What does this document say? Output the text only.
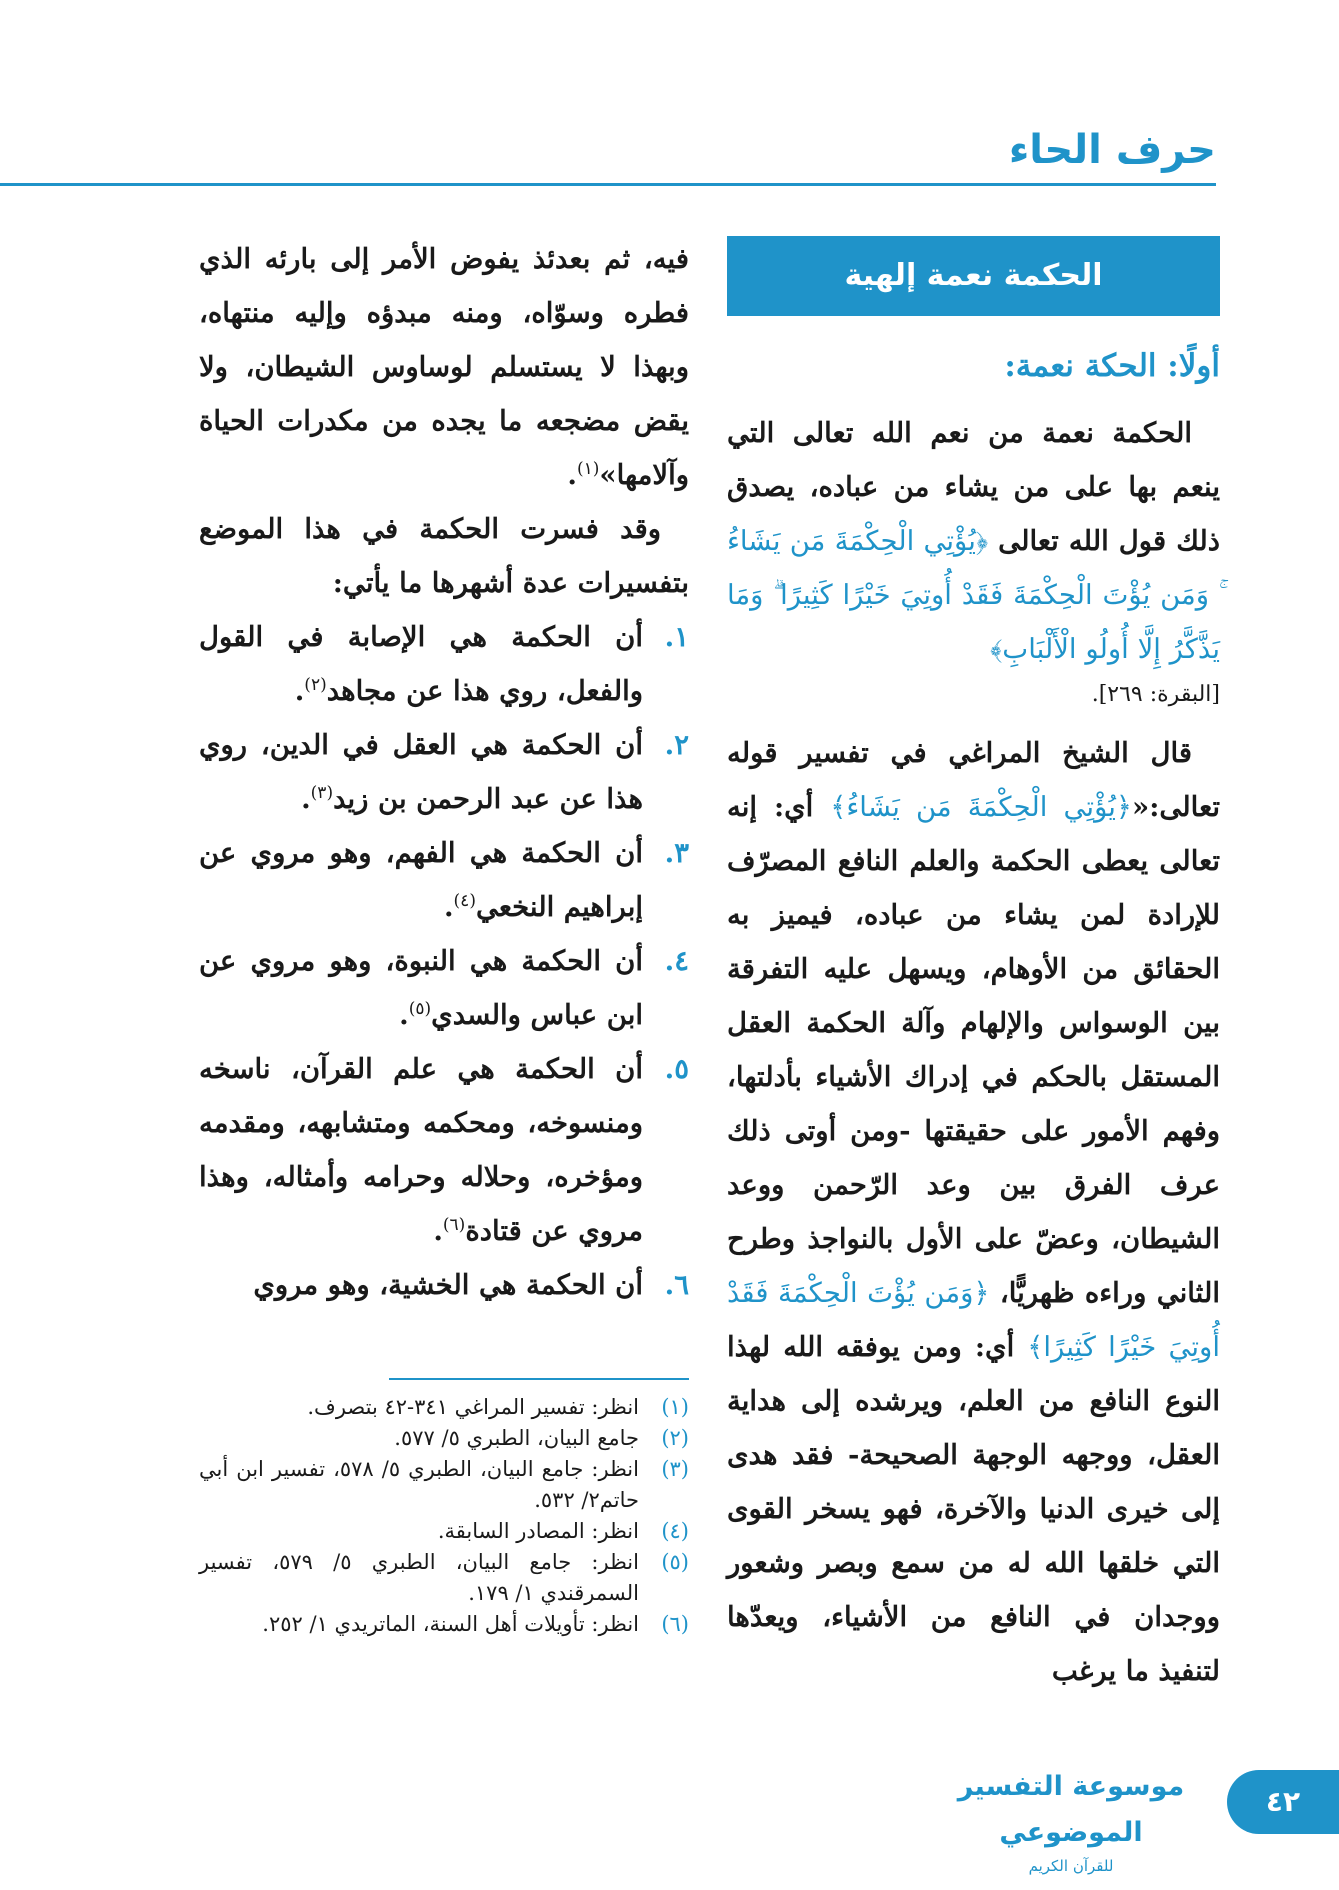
حرف الحاء
الحكمة نعمة إلهية
أولًا: الحكة نعمة:

الحكمة نعمة من نعم الله تعالى التي ينعم بها على من يشاء من عباده، يصدق ذلك قول الله تعالى ﴿يُؤْتِي الْحِكْمَةَ مَن يَشَاءُ ۚ وَمَن يُؤْتَ الْحِكْمَةَ فَقَدْ أُوتِيَ خَيْرًا كَثِيرًا ۗ وَمَا يَذَّكَّرُ إِلَّا أُولُو الْأَلْبَابِ﴾

[البقرة: ٢٦٩].

قال الشيخ المراغي في تفسير قوله تعالى:«﴿يُؤْتِي الْحِكْمَةَ مَن يَشَاءُ﴾ أي: إنه تعالى يعطى الحكمة والعلم النافع المصرّف للإرادة لمن يشاء من عباده، فيميز به الحقائق من الأوهام، ويسهل عليه التفرقة بين الوسواس والإلهام وآلة الحكمة العقل المستقل بالحكم في إدراك الأشياء بأدلتها، وفهم الأمور على حقيقتها -ومن أوتى ذلك عرف الفرق بين وعد الرّحمن ووعد الشيطان، وعضّ على الأول بالنواجذ وطرح الثاني وراءه ظهريًّا، ﴿وَمَن يُؤْتَ الْحِكْمَةَ فَقَدْ أُوتِيَ خَيْرًا كَثِيرًا﴾ أي: ومن يوفقه الله لهذا النوع النافع من العلم، ويرشده إلى هداية العقل، ووجهه الوجهة الصحيحة- فقد هدى إلى خيرى الدنيا والآخرة، فهو يسخر القوى التي خلقها الله له من سمع وبصر وشعور ووجدان في النافع من الأشياء، ويعدّها لتنفيذ ما يرغب

فيه، ثم بعدئذ يفوض الأمر إلى بارئه الذي فطره وسوّاه، ومنه مبدؤه وإليه منتهاه، وبهذا لا يستسلم لوساوس الشيطان، ولا يقض مضجعه ما يجده من مكدرات الحياة وآلامها»$^{(١)}$.

وقد فسرت الحكمة في هذا الموضع بتفسيرات عدة أشهرها ما يأتي:

١.
أن الحكمة هي الإصابة في القول والفعل، روي هذا عن مجاهد$^{(٢)}$.
٢.
أن الحكمة هي العقل في الدين، روي هذا عن عبد الرحمن بن زيد$^{(٣)}$.
٣.
أن الحكمة هي الفهم، وهو مروي عن إبراهيم النخعي$^{(٤)}$.
٤.
أن الحكمة هي النبوة، وهو مروي عن ابن عباس والسدي$^{(٥)}$.
٥.
أن الحكمة هي علم القرآن، ناسخه ومنسوخه، ومحكمه ومتشابهه، ومقدمه ومؤخره، وحلاله وحرامه وأمثاله، وهذا مروي عن قتادة$^{(٦)}$.
٦.
أن الحكمة هي الخشية، وهو مروي
(١)
انظر: تفسير المراغي ٣٤١-٤٢ بتصرف.
(٢)
جامع البيان، الطبري ٥/ ٥٧٧.
(٣)
انظر: جامع البيان، الطبري ٥/ ٥٧٨، تفسير ابن أبي حاتم٢/ ٥٣٢.
(٤)
انظر: المصادر السابقة.
(٥)
انظر: جامع البيان، الطبري ٥/ ٥٧٩، تفسير السمرقندي ١/ ١٧٩.
(٦)
انظر: تأويلات أهل السنة، الماتريدي ١/ ٢٥٢.
٤٢
موسوعة التفسير الموضوعي
للقرآن الكريم
